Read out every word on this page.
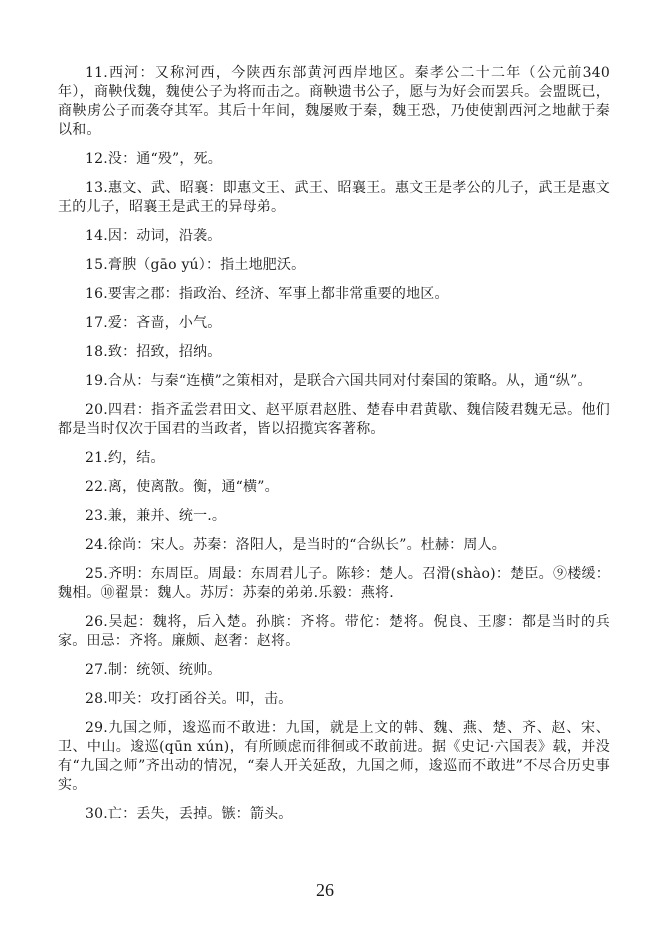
11.西河：又称河西，今陕西东部黄河西岸地区。秦孝公二十二年（公元前340年），商鞅伐魏，魏使公子为将而击之。商鞅遗书公子，愿与为好会而罢兵。会盟既已，商鞅虏公子而袭夺其军。其后十年间，魏屡败于秦，魏王恐，乃使使割西河之地献于秦以和。

12.没：通“殁”，死。

13.惠文、武、昭襄：即惠文王、武王、昭襄王。惠文王是孝公的儿子，武王是惠文王的儿子，昭襄王是武王的异母弟。

14.因：动词，沿袭。

15.膏腴（gāo yú）：指土地肥沃。

16.要害之郡：指政治、经济、军事上都非常重要的地区。

17.爱：吝啬，小气。

18.致：招致，招纳。

19.合从：与秦“连横”之策相对，是联合六国共同对付秦国的策略。从，通“纵”。

20.四君：指齐孟尝君田文、赵平原君赵胜、楚春申君黄歇、魏信陵君魏无忌。他们都是当时仅次于国君的当政者，皆以招揽宾客著称。

21.约，结。

22.离，使离散。衡，通“横”。

23.兼，兼并、统一.。

24.徐尚：宋人。苏秦：洛阳人，是当时的“合纵长”。杜赫：周人。

25.齐明：东周臣。周最：东周君儿子。陈轸：楚人。召滑(shào)：楚臣。⑨楼缓：魏相。⑩翟景：魏人。苏厉：苏秦的弟弟.乐毅：燕将.

26.吴起：魏将，后入楚。孙膑：齐将。带佗：楚将。倪良、王廖：都是当时的兵家。田忌：齐将。廉颇、赵奢：赵将。

27.制：统领、统帅。

28.叩关：攻打函谷关。叩，击。

29.九国之师，逡巡而不敢进：九国，就是上文的韩、魏、燕、楚、齐、赵、宋、卫、中山。逡巡(qūn xún)，有所顾虑而徘徊或不敢前进。据《史记·六国表》载，并没有“九国之师”齐出动的情况，“秦人开关延敌，九国之师，逡巡而不敢进”不尽合历史事实。

30.亡：丢失，丢掉。镞：箭头。

26
